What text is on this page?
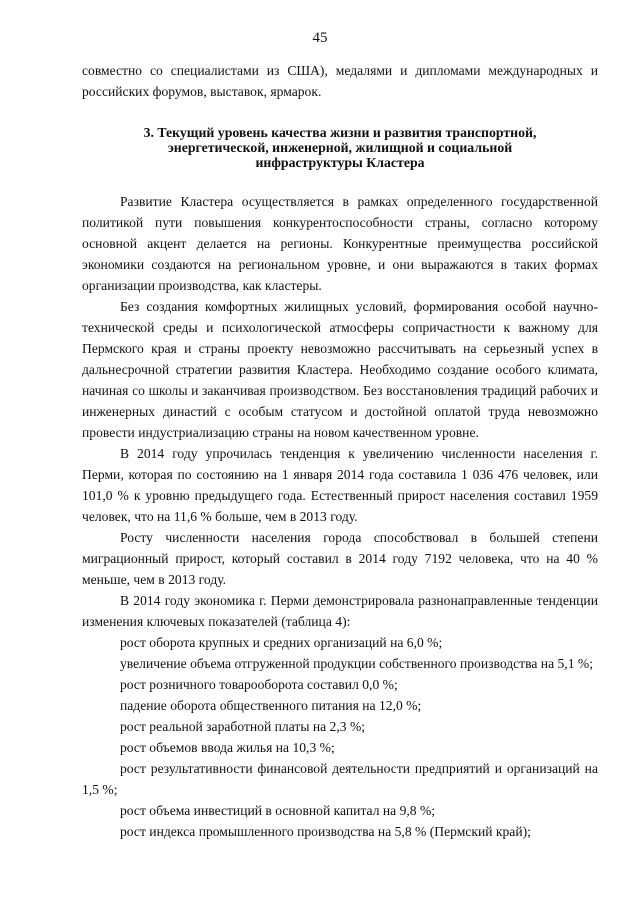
45

совместно со специалистами из США), медалями и дипломами международных и российских форумов, выставок, ярмарок.

3. Текущий уровень качества жизни и развития транспортной,
энергетической, инженерной, жилищной и социальной
инфраструктуры Кластера

Развитие Кластера осуществляется в рамках определенного государственной политикой пути повышения конкурентоспособности страны, согласно которому основной акцент делается на регионы. Конкурентные преимущества российской экономики создаются на региональном уровне, и они выражаются в таких формах организации производства, как кластеры.

Без создания комфортных жилищных условий, формирования особой научно-технической среды и психологической атмосферы сопричастности к важному для Пермского края и страны проекту невозможно рассчитывать на серьезный успех в дальнесрочной стратегии развития Кластера. Необходимо создание особого климата, начиная со школы и заканчивая производством. Без восстановления традиций рабочих и инженерных династий с особым статусом и достойной оплатой труда невозможно провести индустриализацию страны на новом качественном уровне.

В 2014 году упрочилась тенденция к увеличению численности населения г. Перми, которая по состоянию на 1 января 2014 года составила 1 036 476 человек, или 101,0 % к уровню предыдущего года. Естественный прирост населения составил 1959 человек, что на 11,6 % больше, чем в 2013 году.

Росту численности населения города способствовал в большей степени миграционный прирост, который составил в 2014 году 7192 человека, что на 40 % меньше, чем в 2013 году.

В 2014 году экономика г. Перми демонстрировала разнонаправленные тенденции изменения ключевых показателей (таблица 4):

рост оборота крупных и средних организаций на 6,0 %;

увеличение объема отгруженной продукции собственного производства на 5,1 %;

рост розничного товарооборота составил 0,0 %;

падение оборота общественного питания на 12,0 %;

рост реальной заработной платы на 2,3 %;

рост объемов ввода жилья на 10,3 %;

рост результативности финансовой деятельности предприятий и организаций на 1,5 %;

рост объема инвестиций в основной капитал на 9,8 %;

рост индекса промышленного производства на 5,8 % (Пермский край);
